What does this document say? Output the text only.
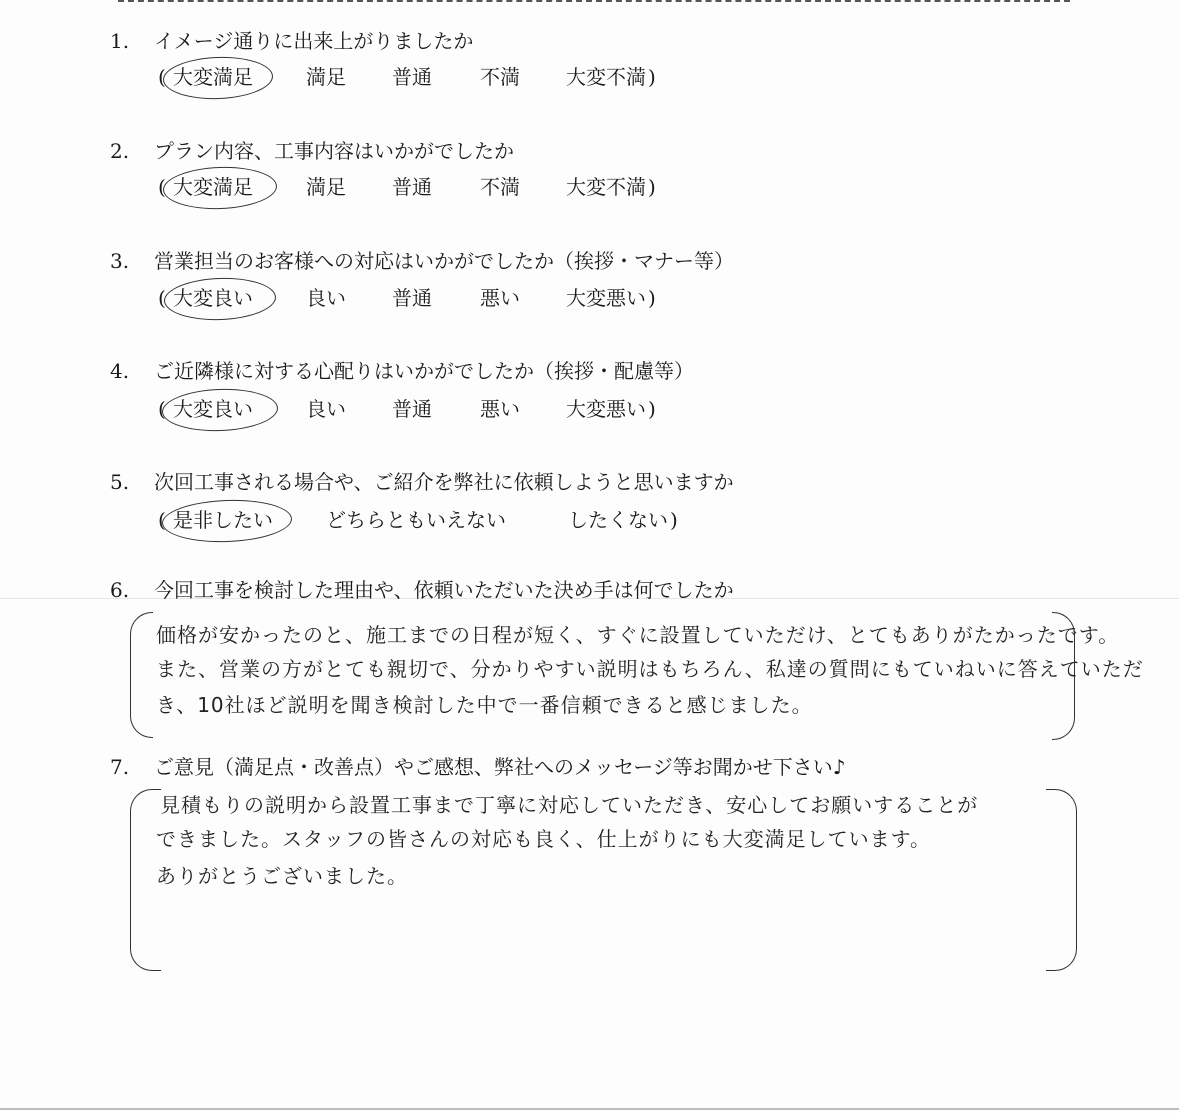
1. イメージ通りに出来上がりましたか
( 大変満足	満足 普通 不満 大変不満 )
2. プラン内容、工事内容はいかがでしたか
( 大変満足	満足 普通 不満 大変不満 )
3. 営業担当のお客様への対応はいかがでしたか（挨拶・マナー等）
( 大変良い	良い 普通 悪い 大変悪い )
4. ご近隣様に対する心配りはいかがでしたか（挨拶・配慮等）
( 大変良い	良い 普通 悪い 大変悪い )
5. 次回工事される場合や、ご紹介を弊社に依頼しようと思いますか
( 是非したい	どちらともいえない	したくない )
6. 今回工事を検討した理由や、依頼いただいた決め手は何でしたか
価格が安かったのと、施工までの日程が短く、すぐに設置していただけ、とてもありがたかったです。
また、営業の方がとても親切で、分かりやすい説明はもちろん、私達の質問にもていねいに答えていただ
き、10社ほど説明を聞き検討した中で一番信頼できると感じました。
7. ご意見（満足点・改善点）やご感想、弊社へのメッセージ等お聞かせ下さい♪
見積もりの説明から設置工事まで丁寧に対応していただき、安心してお願いすることが
できました。スタッフの皆さんの対応も良く、仕上がりにも大変満足しています。
ありがとうございました。
